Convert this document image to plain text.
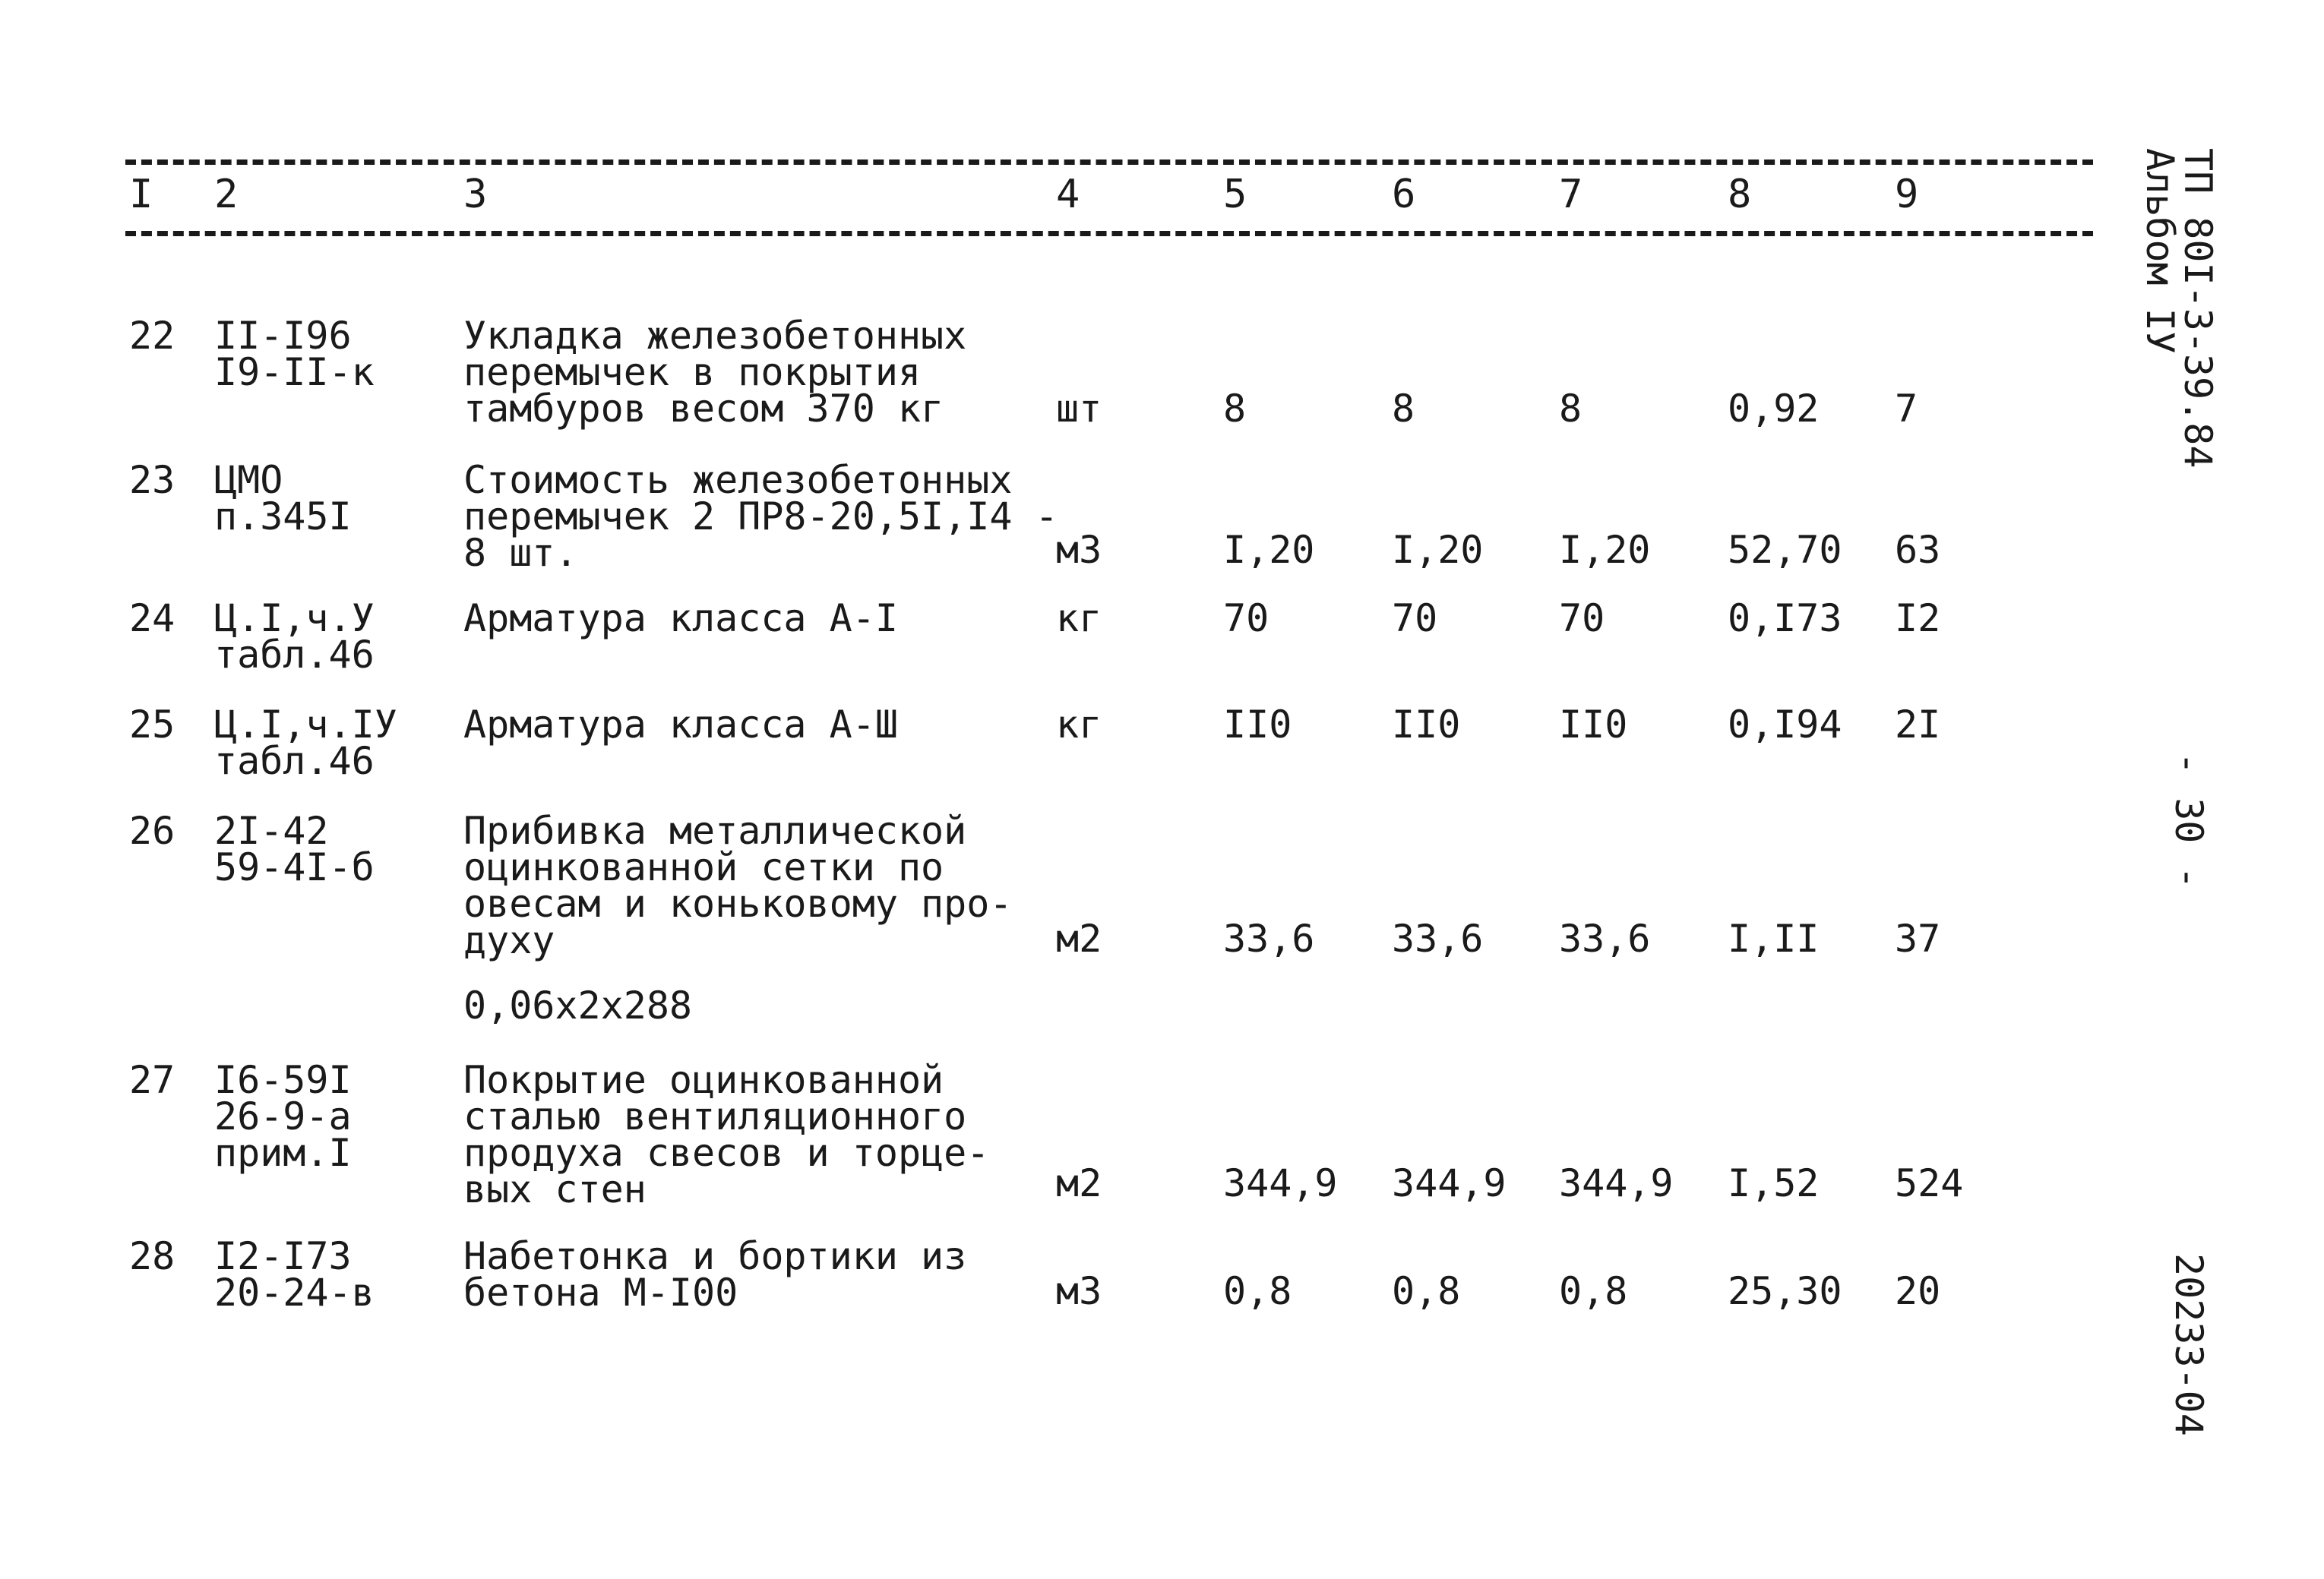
I 2	3	4	5	6	7	8	9
22 II-I96
I9-II-к
Укладка железобетонных
перемычек в покрытия
тамбуров весом 370 кг	шт	8	8	8	0,92 7
23 ЦМО
п.345I
Стоимость железобетонных
перемычек 2 ПР8-20,5I,I4 -
8 шт.	м3	I,20 I,20 I,20 52,70 63
24 Ц.I,ч.У
табл.46
Арматура класса А-I	кг	70	70	70	0,I73 I2
25 Ц.I,ч.IУ
табл.46
Арматура класса А-Ш	кг	II0	II0	II0	0,I94 2I
26 2I-42
59-4I-б
Прибивка металлической
оцинкованной сетки по
овесам и коньковому про-
духу	м2	33,6 33,6 33,6 I,II 37
0,06х2х288
27 I6-59I
26-9-а
прим.I
Покрытие оцинкованной
сталью вентиляционного
продуха свесов и торце-
вых стен	м2	344,9 344,9 344,9 I,52 524
28 I2-I73
20-24-в
Набетонка и бортики из
бетона М-I00	м3	0,8	0,8	0,8	25,30 20
ТП 80I-3-39.84
Альбом IУ
- 30 -
20233-04
